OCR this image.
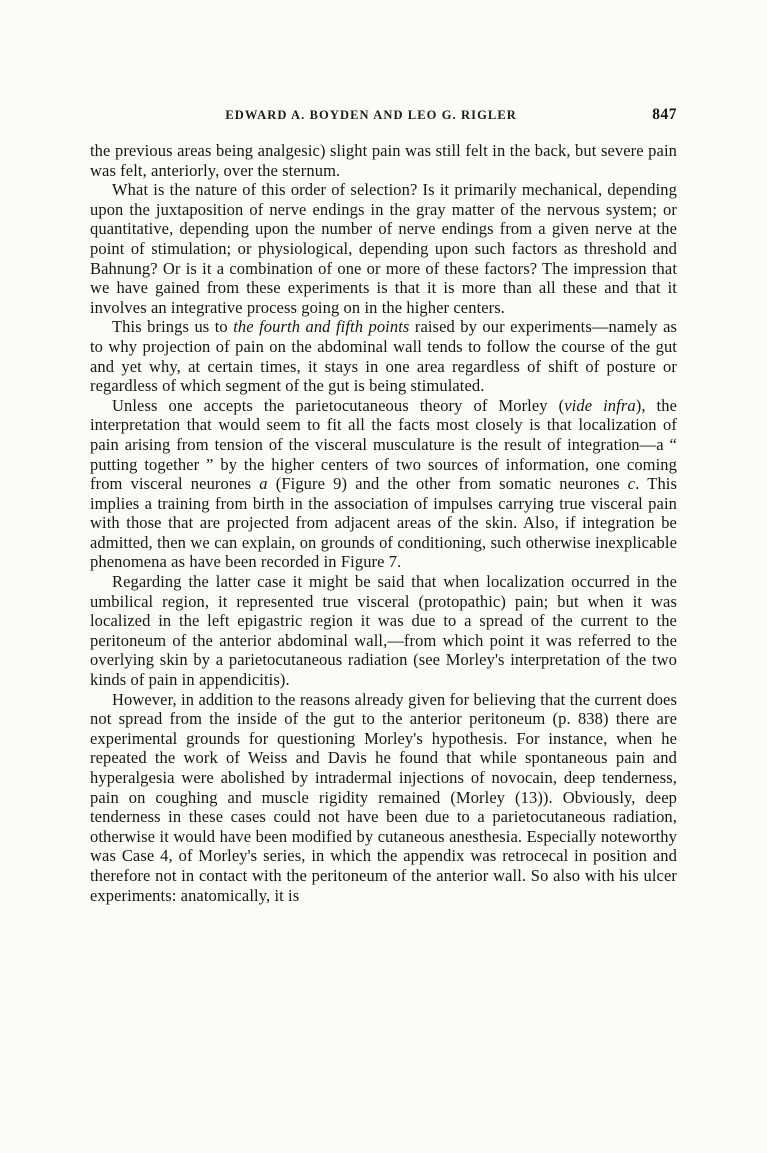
EDWARD A. BOYDEN AND LEO G. RIGLER	847

the previous areas being analgesic) slight pain was still felt in the back, but severe pain was felt, anteriorly, over the sternum.

What is the nature of this order of selection? Is it primarily mechanical, depending upon the juxtaposition of nerve endings in the gray matter of the nervous system; or quantitative, depending upon the number of nerve endings from a given nerve at the point of stimulation; or physiological, depending upon such factors as threshold and Bahnung? Or is it a combination of one or more of these factors? The impression that we have gained from these experiments is that it is more than all these and that it involves an integrative process going on in the higher centers.

This brings us to the fourth and fifth points raised by our experiments—namely as to why projection of pain on the abdominal wall tends to follow the course of the gut and yet why, at certain times, it stays in one area regardless of shift of posture or regardless of which segment of the gut is being stimulated.

Unless one accepts the parietocutaneous theory of Morley (vide infra), the interpretation that would seem to fit all the facts most closely is that localization of pain arising from tension of the visceral musculature is the result of integration—a “ putting together ” by the higher centers of two sources of information, one coming from visceral neurones a (Figure 9) and the other from somatic neurones c. This implies a training from birth in the association of impulses carrying true visceral pain with those that are projected from adjacent areas of the skin. Also, if integration be admitted, then we can explain, on grounds of conditioning, such otherwise inexplicable phenomena as have been recorded in Figure 7.

Regarding the latter case it might be said that when localization occurred in the umbilical region, it represented true visceral (protopathic) pain; but when it was localized in the left epigastric region it was due to a spread of the current to the peritoneum of the anterior abdominal wall,—from which point it was referred to the overlying skin by a parietocutaneous radiation (see Morley's interpretation of the two kinds of pain in appendicitis).

However, in addition to the reasons already given for believing that the current does not spread from the inside of the gut to the anterior peritoneum (p. 838) there are experimental grounds for questioning Morley's hypothesis. For instance, when he repeated the work of Weiss and Davis he found that while spontaneous pain and hyperalgesia were abolished by intradermal injections of novocain, deep tenderness, pain on coughing and muscle rigidity remained (Morley (13)). Obviously, deep tenderness in these cases could not have been due to a parietocutaneous radiation, otherwise it would have been modified by cutaneous anesthesia. Especially noteworthy was Case 4, of Morley's series, in which the appendix was retrocecal in position and therefore not in contact with the peritoneum of the anterior wall. So also with his ulcer experiments: anatomically, it is
